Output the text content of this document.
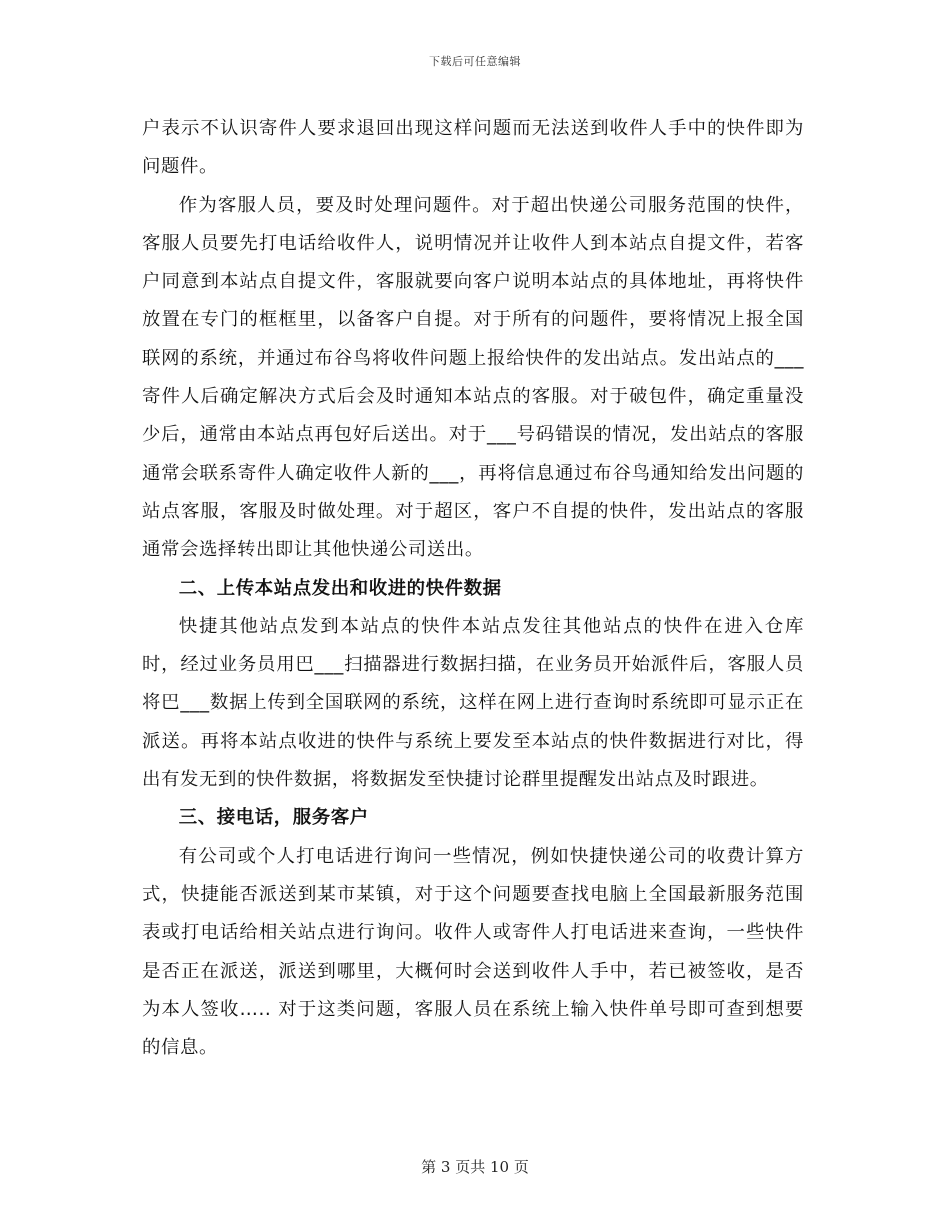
下载后可任意编辑

户表示不认识寄件人要求退回出现这样问题而无法送到收件人手中的快件即为问题件。

作为客服人员，要及时处理问题件。对于超出快递公司服务范围的快件，客服人员要先打电话给收件人，说明情况并让收件人到本站点自提文件，若客户同意到本站点自提文件，客服就要向客户说明本站点的具体地址，再将快件放置在专门的框框里，以备客户自提。对于所有的问题件，要将情况上报全国联网的系统，并通过布谷鸟将收件问题上报给快件的发出站点。发出站点的___寄件人后确定解决方式后会及时通知本站点的客服。对于破包件，确定重量没少后，通常由本站点再包好后送出。对于___号码错误的情况，发出站点的客服通常会联系寄件人确定收件人新的___，再将信息通过布谷鸟通知给发出问题的站点客服，客服及时做处理。对于超区，客户不自提的快件，发出站点的客服通常会选择转出即让其他快递公司送出。

二、上传本站点发出和收进的快件数据

快捷其他站点发到本站点的快件本站点发往其他站点的快件在进入仓库时，经过业务员用巴___扫描器进行数据扫描，在业务员开始派件后，客服人员将巴___数据上传到全国联网的系统，这样在网上进行查询时系统即可显示正在派送。再将本站点收进的快件与系统上要发至本站点的快件数据进行对比，得出有发无到的快件数据，将数据发至快捷讨论群里提醒发出站点及时跟进。

三、接电话，服务客户

有公司或个人打电话进行询问一些情况，例如快捷快递公司的收费计算方式，快捷能否派送到某市某镇，对于这个问题要查找电脑上全国最新服务范围表或打电话给相关站点进行询问。收件人或寄件人打电话进来查询，一些快件是否正在派送，派送到哪里，大概何时会送到收件人手中，若已被签收，是否为本人签收….. 对于这类问题，客服人员在系统上输入快件单号即可查到想要的信息。

第 3 页共 10 页
